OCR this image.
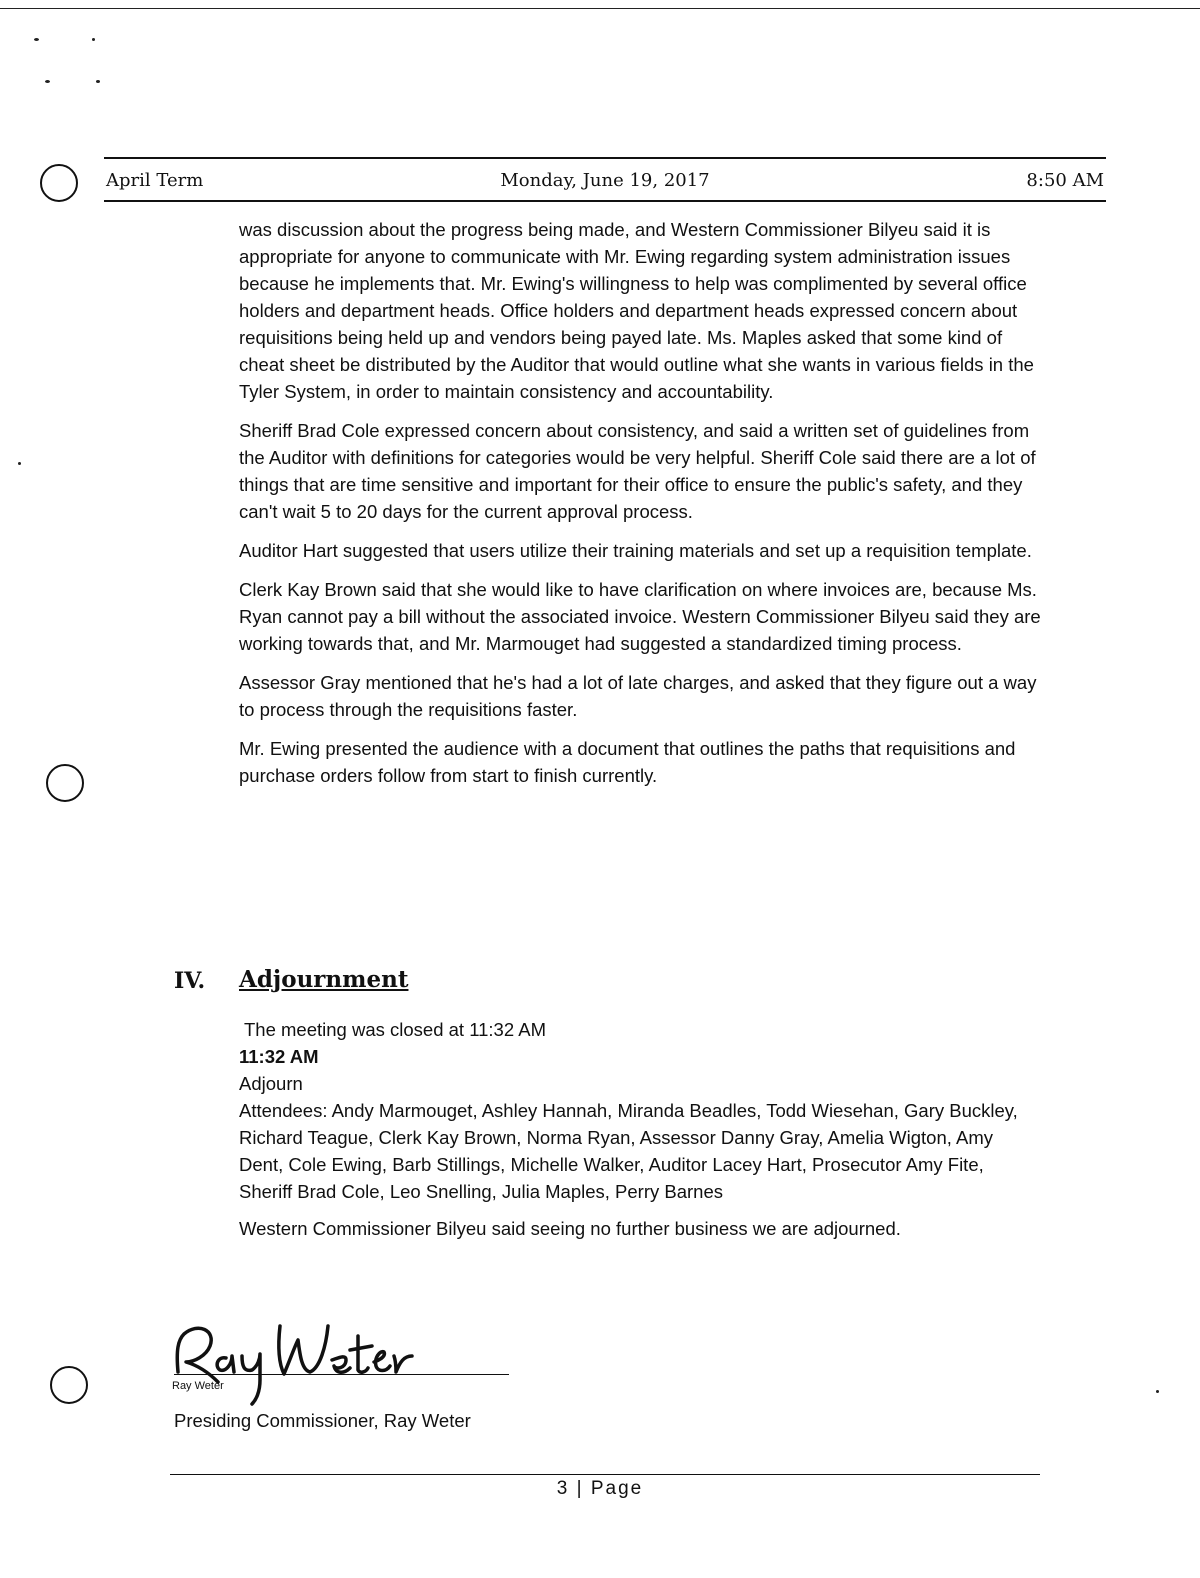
April Term	Monday, June 19, 2017	8:50 AM

was discussion about the progress being made, and Western Commissioner Bilyeu said it is appropriate for anyone to communicate with Mr. Ewing regarding system administration issues because he implements that. Mr. Ewing's willingness to help was complimented by several office holders and department heads. Office holders and department heads expressed concern about requisitions being held up and vendors being payed late. Ms. Maples asked that some kind of cheat sheet be distributed by the Auditor that would outline what she wants in various fields in the Tyler System, in order to maintain consistency and accountability.

Sheriff Brad Cole expressed concern about consistency, and said a written set of guidelines from the Auditor with definitions for categories would be very helpful. Sheriff Cole said there are a lot of things that are time sensitive and important for their office to ensure the public's safety, and they can't wait 5 to 20 days for the current approval process.

Auditor Hart suggested that users utilize their training materials and set up a requisition template.

Clerk Kay Brown said that she would like to have clarification on where invoices are, because Ms. Ryan cannot pay a bill without the associated invoice. Western Commissioner Bilyeu said they are working towards that, and Mr. Marmouget had suggested a standardized timing process.

Assessor Gray mentioned that he's had a lot of late charges, and asked that they figure out a way to process through the requisitions faster.

Mr. Ewing presented the audience with a document that outlines the paths that requisitions and purchase orders follow from start to finish currently.

IV. Adjournment
The meeting was closed at 11:32 AM
11:32 AM
Adjourn
Attendees: Andy Marmouget, Ashley Hannah, Miranda Beadles, Todd Wiesehan, Gary Buckley, Richard Teague, Clerk Kay Brown, Norma Ryan, Assessor Danny Gray, Amelia Wigton, Amy Dent, Cole Ewing, Barb Stillings, Michelle Walker, Auditor Lacey Hart, Prosecutor Amy Fite, Sheriff Brad Cole, Leo Snelling, Julia Maples, Perry Barnes
Western Commissioner Bilyeu said seeing no further business we are adjourned.
Ray Weter
Presiding Commissioner, Ray Weter
3 | Page
